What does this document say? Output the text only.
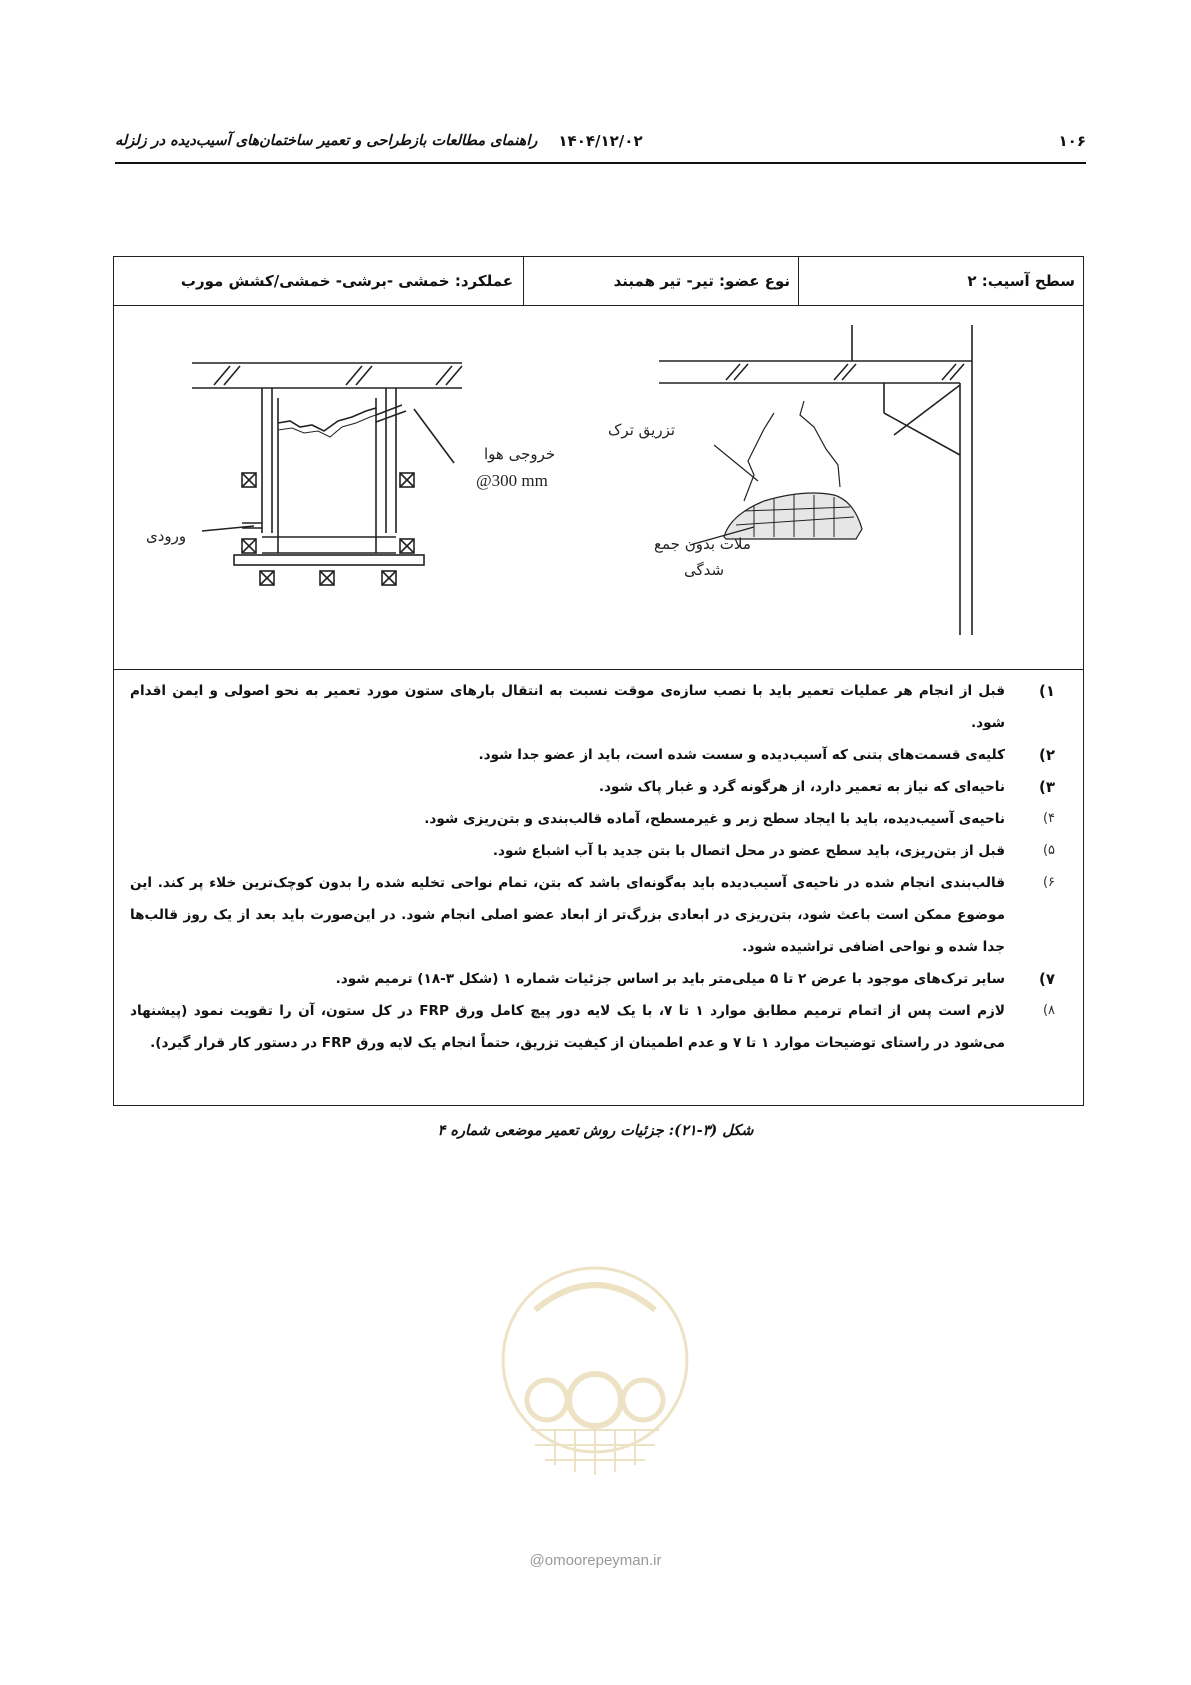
۱۰۶
۱۴۰۴/۱۲/۰۲
راهنمای مطالعات بازطراحی و تعمیر ساختمان‌های آسیب‌دیده در زلزله
سطح آسیب: ۲
نوع عضو: تیر- تیر همبند
عملکرد: خمشی -برشی- خمشی/کشش مورب
خروجی هوا
@300 mm
ورودی
تزریق ترک
ملات بدون جمع
شدگی
۱)
قبل از انجام هر عملیات تعمیر باید با نصب سازه‌ی موقت نسبت به انتقال بارهای ستون مورد تعمیر به نحو اصولی و ایمن اقدام شود.
۲)
کلیه‌ی قسمت‌های بتنی که آسیب‌دیده و سست شده است، باید از عضو جدا شود.
۳)
ناحیه‌ای که نیاز به تعمیر دارد، از هرگونه گرد و غبار پاک شود.
۴)
ناحیه‌ی آسیب‌دیده، باید با ایجاد سطح زبر و غیرمسطح، آماده قالب‌بندی و بتن‌ریزی شود.
۵)
قبل از بتن‌ریزی، باید سطح عضو در محل اتصال با بتن جدید با آب اشباع شود.
۶)
قالب‌بندی انجام شده در ناحیه‌ی آسیب‌دیده باید به‌گونه‌ای باشد که بتن، تمام نواحی تخلیه شده را بدون کوچک‌ترین خلاء پر کند. این موضوع ممکن است باعث شود، بتن‌ریزی در ابعادی بزرگ‌تر از ابعاد عضو اصلی انجام شود. در این‌صورت باید بعد از یک روز قالب‌ها جدا شده و نواحی اضافی تراشیده شود.
۷)
سایر ترک‌های موجود با عرض ۲ تا ۵ میلی‌متر باید بر اساس جزئیات شماره ۱ (شکل ۳-۱۸) ترمیم شود.
۸)
لازم است پس از اتمام ترمیم مطابق موارد ۱ تا ۷، با یک لایه دور پیچ کامل ورق FRP در کل ستون، آن را تقویت نمود (پیشنهاد می‌شود در راستای توضیحات موارد ۱ تا ۷ و عدم اطمینان از کیفیت تزریق، حتماً انجام یک لایه ورق FRP در دستور کار قرار گیرد).
شکل (۳-۲۱): جزئیات روش تعمیر موضعی شماره ۴
@omoorepeyman.ir
